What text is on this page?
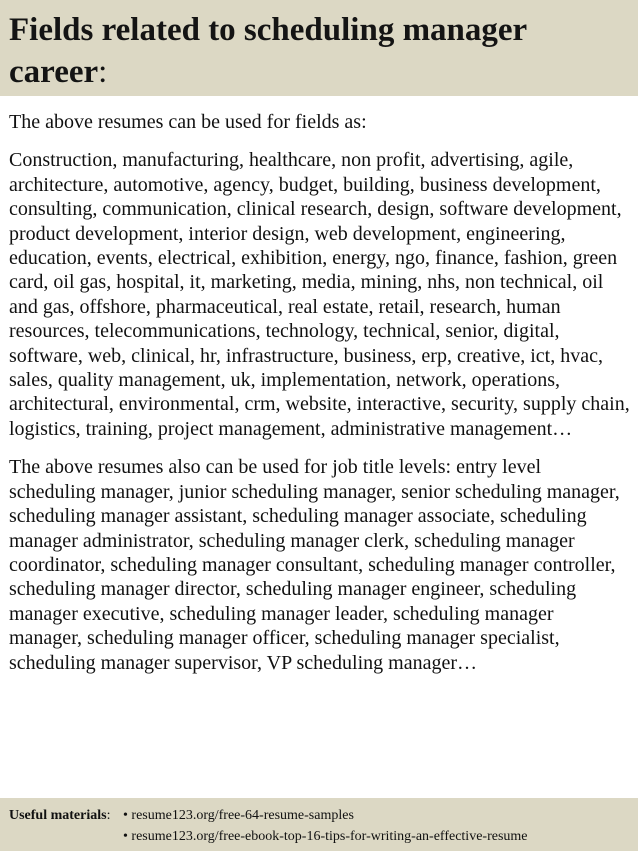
Fields related to scheduling manager career:

The above resumes can be used for fields as:

Construction, manufacturing, healthcare, non profit, advertising, agile, architecture, automotive, agency, budget, building, business development, consulting, communication, clinical research, design, software development, product development, interior design, web development, engineering, education, events, electrical, exhibition, energy, ngo, finance, fashion, green card, oil gas, hospital, it, marketing, media, mining, nhs, non technical, oil and gas, offshore, pharmaceutical, real estate, retail, research, human resources, telecommunications, technology, technical, senior, digital, software, web, clinical, hr, infrastructure, business, erp, creative, ict, hvac, sales, quality management, uk, implementation, network, operations, architectural, environmental, crm, website, interactive, security, supply chain, logistics, training, project management, administrative management…

The above resumes also can be used for job title levels: entry level scheduling manager, junior scheduling manager, senior scheduling manager, scheduling manager assistant, scheduling manager associate, scheduling manager administrator, scheduling manager clerk, scheduling manager coordinator, scheduling manager consultant, scheduling manager controller, scheduling manager director, scheduling manager engineer, scheduling manager executive, scheduling manager leader, scheduling manager manager, scheduling manager officer, scheduling manager specialist, scheduling manager supervisor, VP scheduling manager…

Useful materials: • resume123.org/free-64-resume-samples
• resume123.org/free-ebook-top-16-tips-for-writing-an-effective-resume
